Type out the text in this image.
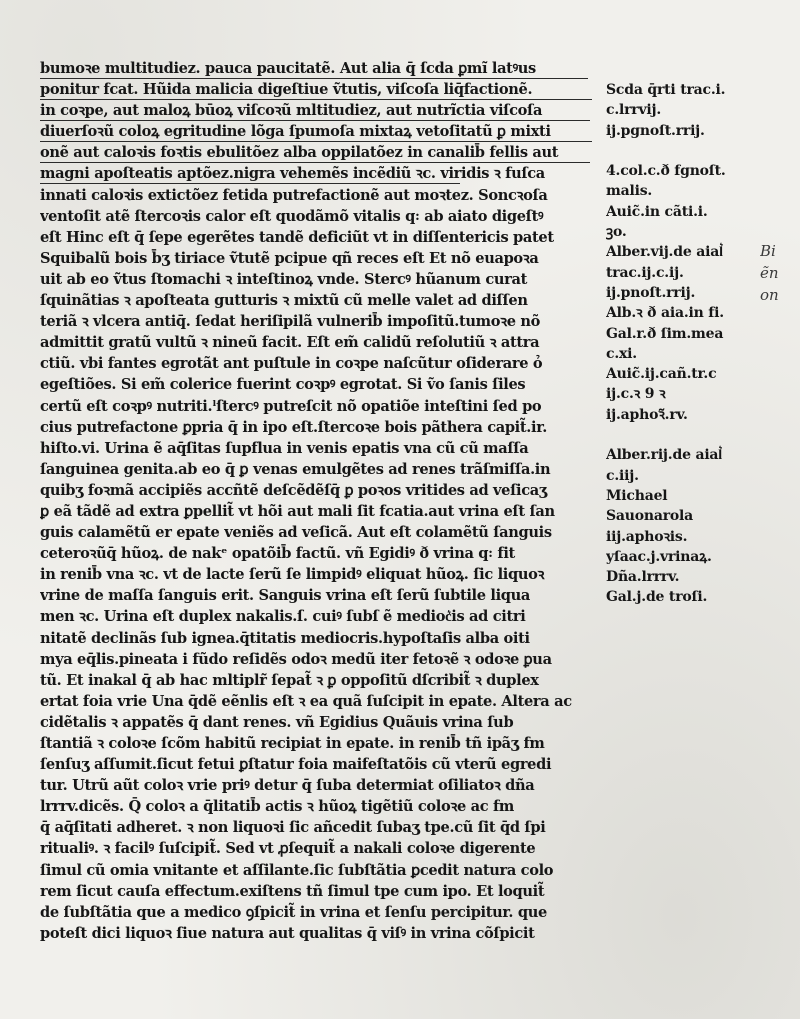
bumoꝛe multitudiez. pauca paucitatẽ. Aut alia q̄ ſcda ꝑmĩ latꝰus
ponitur fcat. Hũida malicia digeſtiue ṽtutis, viſcoſa liq̄factionẽ.
in coꝛpe, aut maloꝝ būoꝝ viſcoꝛũ mltitudiez, aut nutrĩctia viſcoſa
diuerſoꝛũ coloꝝ egritudine lõga ſpumoſa mixtaꝝ vetoſitatũ ꝑ mixti
onẽ aut caloꝛis foꝛtis ebulitõez alba oppilatõez in canalib̄ fellis aut
magni apoſteatis aptõez.nigra vehemẽs incẽdiũ ꝛc. viridis ꝛ fuſca
innati caloꝛis extictõez fetida putrefactionẽ aut moꝛtez. Soncꝛoſa
ventoſit atẽ ſtercoꝛis calor eſt quodãmõ vitalis q꞉ ab aiato digeſtꝰ
eſt Hinc eſt q̄ ſepe egerẽtes tandẽ deficiũt vt in diſſentericis patet
Squibalũ bois b̄ʒ tiriace ṽtutẽ pcipue qñ reces eſt Et nõ euapoꝛa
uit ab eo ṽtus ſtomachi ꝛ inteſtinoꝝ vnde. Stercꝰ hũanum curat
ſquinãtias ꝛ apoſteata gutturis ꝛ mixtũ cũ melle valet ad diſſen
teriã ꝛ vlcera antiq̄. ſedat heriſipilã vulnerib̄ impoſitũ.tumoꝛe nõ
admittit gratũ vultũ ꝛ nineũ facit. Eſt em̃ calidũ reſolutiũ ꝛ attra
ctiũ. vbi fantes egrotãt ant puſtule in coꝛpe naſcũtur oſiderare ỏ
egeſtiões. Si em̃ colerice fuerint coꝛpꝰ egrotat. Si ṽo ſanis ſiles
certũ eſt coꝛpꝰ nutriti.ˡſtercꝰ putreſcit nõ opatiõe inteſtini ſed po
cius putrefactone ꝑpria q̄ in ipo eſt.ſtercoꝛe bois pãthera capit̃.ir.
hiſto.vi. Urina ẽ aq̄ſitas ſupflua in venis epatis vna cũ cũ maſſa
ſanguinea genita.ab eo q̄ ꝑ venas emulgẽtes ad renes trãſmiſſa.in
quibʒ foꝛmã accipiẽs accñtẽ deſcẽdẽſq̄ ꝑ poꝛos vritides ad veſicaʒ
ꝑ eã tãdẽ ad extra ꝑpellit̃ vt hõi aut mali ſit fcatia.aut vrina eſt ſan
guis calamẽtũ er epate veniẽs ad veſicã. Aut eſt colamẽtũ ſanguis
ceteroꝛũq̄ hũoꝝ. de nakᵉ opatõib̄ factũ. vñ Egidiꝰ ð vrina q꞉ fit
in renib̄ vna ꝛc. vt de lacte ſerũ ſe limpidꝰ eliquat hũoꝝ. ſic liquoꝛ
vrine de maſſa ſanguis erit. Sanguis vrina eſt ſerũ ſubtile liqua
men ꝛc. Urina eſt duplex nakalis.ſ. cuiꝰ ſubſ ẽ medioc͛is ad citri
nitatẽ declinãs ſub ignea.q̄titatis mediocris.hypoſtaſis alba oiti
mya eq̄lis.pineata i fũdo reſidẽs odoꝛ medũ iter fetoꝛẽ ꝛ odoꝛe ꝑua
tũ. Et inakal q̄ ab hac mltiplr̃ ſepat̃ ꝛ ꝑ oppoſitũ dſcribit̃ ꝛ duplex
ertat foia vrie Una q̄dẽ eẽnlis eſt ꝛ ea quã ſuſcipit in epate. Altera ac
cidẽtalis ꝛ appatẽs q̄ dant renes. vñ Egidius Quãuis vrina ſub
ſtantiã ꝛ coloꝛe ſcõm habitũ recipiat in epate. in renib̄ tñ ipãʒ fm
ſenſuʒ aſſumit.ſicut fetui ꝑſtatur foia maifeſtatõis cũ vterũ egredi
tur. Utrũ aũt coloꝛ vrie priꝰ detur q̄ ſuba determiat oſiliatoꝛ dña
lrrrv.dicẽs. Q̄ coloꝛ a q̄litatib̄ actis ꝛ hũoꝝ tigẽtiũ coloꝛe ac fm
q̄ aq̄ſitati adheret. ꝛ non liquoꝛi ſic añcedit ſubaʒ tpe.cũ ſit q̄d ſpi
ritualiꝰ. ꝛ facilꝰ ſuſcipit̃. Sed vt ꝓſequit̃ a nakali coloꝛe digerente
ſimul cũ omia vnitante et aſſilante.ſic ſubſtãtia ꝑcedit natura colo
rem ſicut cauſa effectum.exiſtens tñ ſimul tpe cum ipo. Et loquit̃
de ſubſtãtia que a medico ꝯſpicit̃ in vrina et ſenſu percipitur. que
poteſt dici liquoꝛ ſiue natura aut qualitas q̄ viſꝰ in vrina cõſpicit
Scda q̄rti trac.i.
c.lrrvij.
ij.pgnoſt.rrij.
4.col.c.ð fgnoſt.
malis.
Auic̃.in cãti.i.
ꝫo.
Alber.vij.de aial͛
trac.ij.c.ij.
ij.pnoſt.rrij.
Alb.ꝛ ð aia.in fi.
Gal.r.ð ſim.mea
c.xi.
Auic̃.ij.cañ.tr.c
ij.c.ꝛ 9 ꝛ
ij.aphoꝛ̃.rv.
Alber.rij.de aial͛
c.iij.
Michael
Sauonarola
iij.aphoꝛis.
yſaac.j.vrinaꝝ.
Dña.lrrrv.
Gal.j.de troſi.
Bi
ẽn
on
